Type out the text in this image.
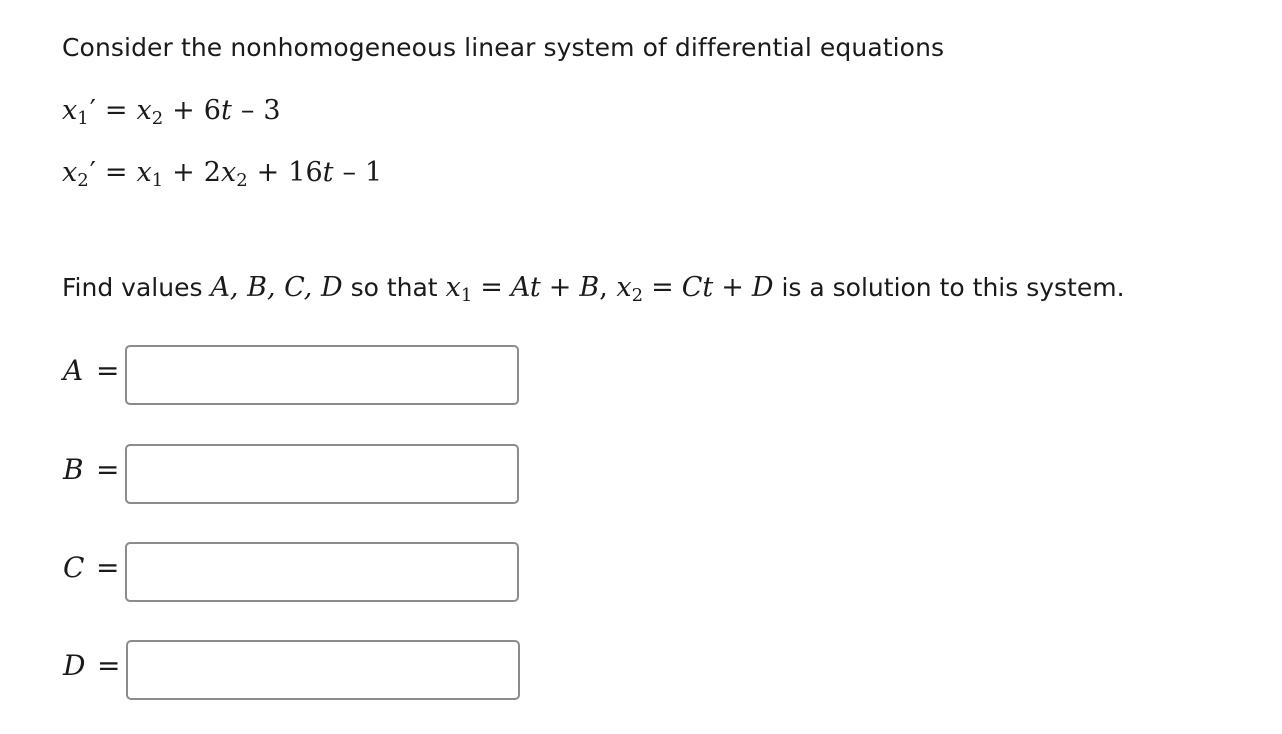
Consider the nonhomogeneous linear system of differential equations
$x_1' = x_2 + 6t - 3$
$x_2' = x_1 + 2x_2 + 16t - 1$
Find values A, B, C, D so that $x_1 = At + B$, $x_2 = Ct + D$ is a solution to this system.
A =
B =
C =
D =
